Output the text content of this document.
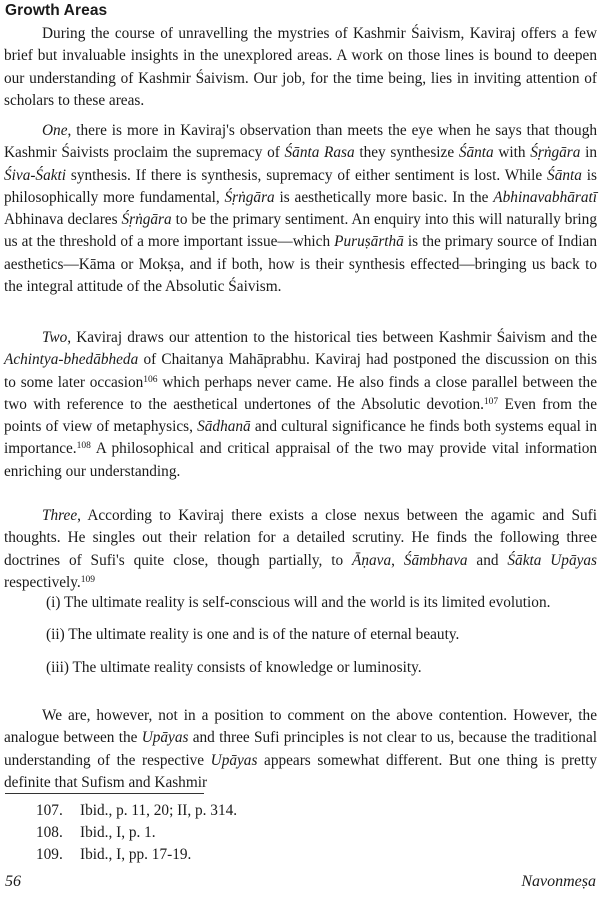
Growth Areas
During the course of unravelling the mystries of Kashmir Śaivism, Kaviraj offers a few brief but invaluable insights in the unexplored areas. A work on those lines is bound to deepen our understanding of Kashmir Śaivism. Our job, for the time being, lies in inviting attention of scholars to these areas.
One, there is more in Kaviraj's observation than meets the eye when he says that though Kashmir Śaivists proclaim the supremacy of Śānta Rasa they synthesize Śānta with Śṛṅgāra in Śiva-Śakti synthesis. If there is synthesis, supremacy of either sentiment is lost. While Śānta is philosophically more fundamental, Śṛṅgāra is aesthetically more basic. In the Abhinavabhāratī Abhinava declares Śṛṅgāra to be the primary sentiment. An enquiry into this will naturally bring us at the threshold of a more important issue—which Puruṣārthā is the primary source of Indian aesthetics—Kāma or Mokṣa, and if both, how is their synthesis effected—bringing us back to the integral attitude of the Absolutic Śaivism.
Two, Kaviraj draws our attention to the historical ties between Kashmir Śaivism and the Achintya-bhedābheda of Chaitanya Mahāprabhu. Kaviraj had postponed the discussion on this to some later occasion$^{106}$ which perhaps never came. He also finds a close parallel between the two with reference to the aesthetical undertones of the Absolutic devotion.$^{107}$ Even from the points of view of metaphysics, Sādhanā and cultural significance he finds both systems equal in importance.$^{108}$ A philosophical and critical appraisal of the two may provide vital information enriching our understanding.
Three, According to Kaviraj there exists a close nexus between the agamic and Sufi thoughts. He singles out their relation for a detailed scrutiny. He finds the following three doctrines of Sufi's quite close, though partially, to Āṇava, Śāmbhava and Śākta Upāyas respectively.$^{109}$
(i) The ultimate reality is self-conscious will and the world is its limited evolution.
(ii) The ultimate reality is one and is of the nature of eternal beauty.
(iii) The ultimate reality consists of knowledge or luminosity.
We are, however, not in a position to comment on the above contention. However, the analogue between the Upāyas and three Sufi principles is not clear to us, because the traditional understanding of the respective Upāyas appears somewhat different. But one thing is pretty definite that Sufism and Kashmir
107. Ibid., p. 11, 20; II, p. 314.
108. Ibid., I, p. 1.
109. Ibid., I, pp. 17-19.
56	Navonmeṣa
